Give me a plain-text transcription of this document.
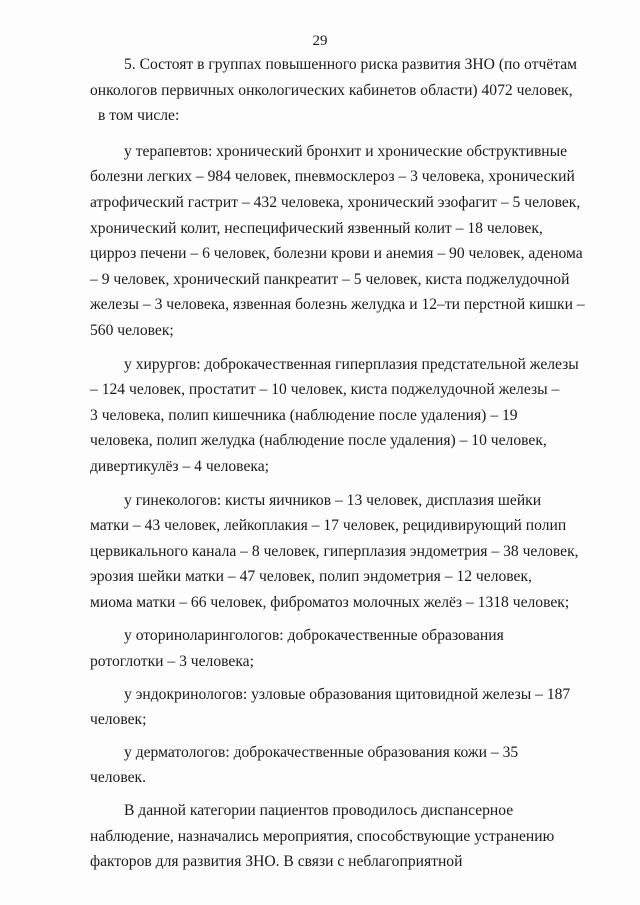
29

5. Состоят в группах повышенного риска развития ЗНО (по отчётам
онкологов первичных онкологических кабинетов области) 4072 человек,
в том числе:

у терапевтов: хронический бронхит и хронические обструктивные
болезни легких – 984 человек, пневмосклероз – 3 человека, хронический
атрофический гастрит – 432 человека, хронический эзофагит – 5 человек,
хронический колит, неспецифический язвенный колит – 18 человек,
цирроз печени – 6 человек, болезни крови и анемия – 90 человек, аденома
– 9 человек, хронический панкреатит – 5 человек, киста поджелудочной
железы – 3 человека, язвенная болезнь желудка и 12–ти перстной кишки –
560 человек;

у хирургов: доброкачественная гиперплазия предстательной железы
– 124 человек, простатит – 10 человек, киста поджелудочной железы –
3 человека, полип кишечника (наблюдение после удаления) – 19
человека, полип желудка (наблюдение после удаления) – 10 человек,
дивертикулёз – 4 человека;

у гинекологов: кисты яичников – 13 человек, дисплазия шейки
матки – 43 человек, лейкоплакия – 17 человек, рецидивирующий полип
цервикального канала – 8 человек, гиперплазия эндометрия – 38 человек,
эрозия шейки матки – 47 человек, полип эндометрия – 12 человек,
миома матки – 66 человек, фиброматоз молочных желёз – 1318 человек;

у оториноларингологов: доброкачественные образования
ротоглотки – 3 человека;

у эндокринологов: узловые образования щитовидной железы – 187
человек;

у дерматологов: доброкачественные образования кожи – 35
человек.

В данной категории пациентов проводилось диспансерное
наблюдение, назначались мероприятия, способствующие устранению
факторов для развития ЗНО. В связи с неблагоприятной
